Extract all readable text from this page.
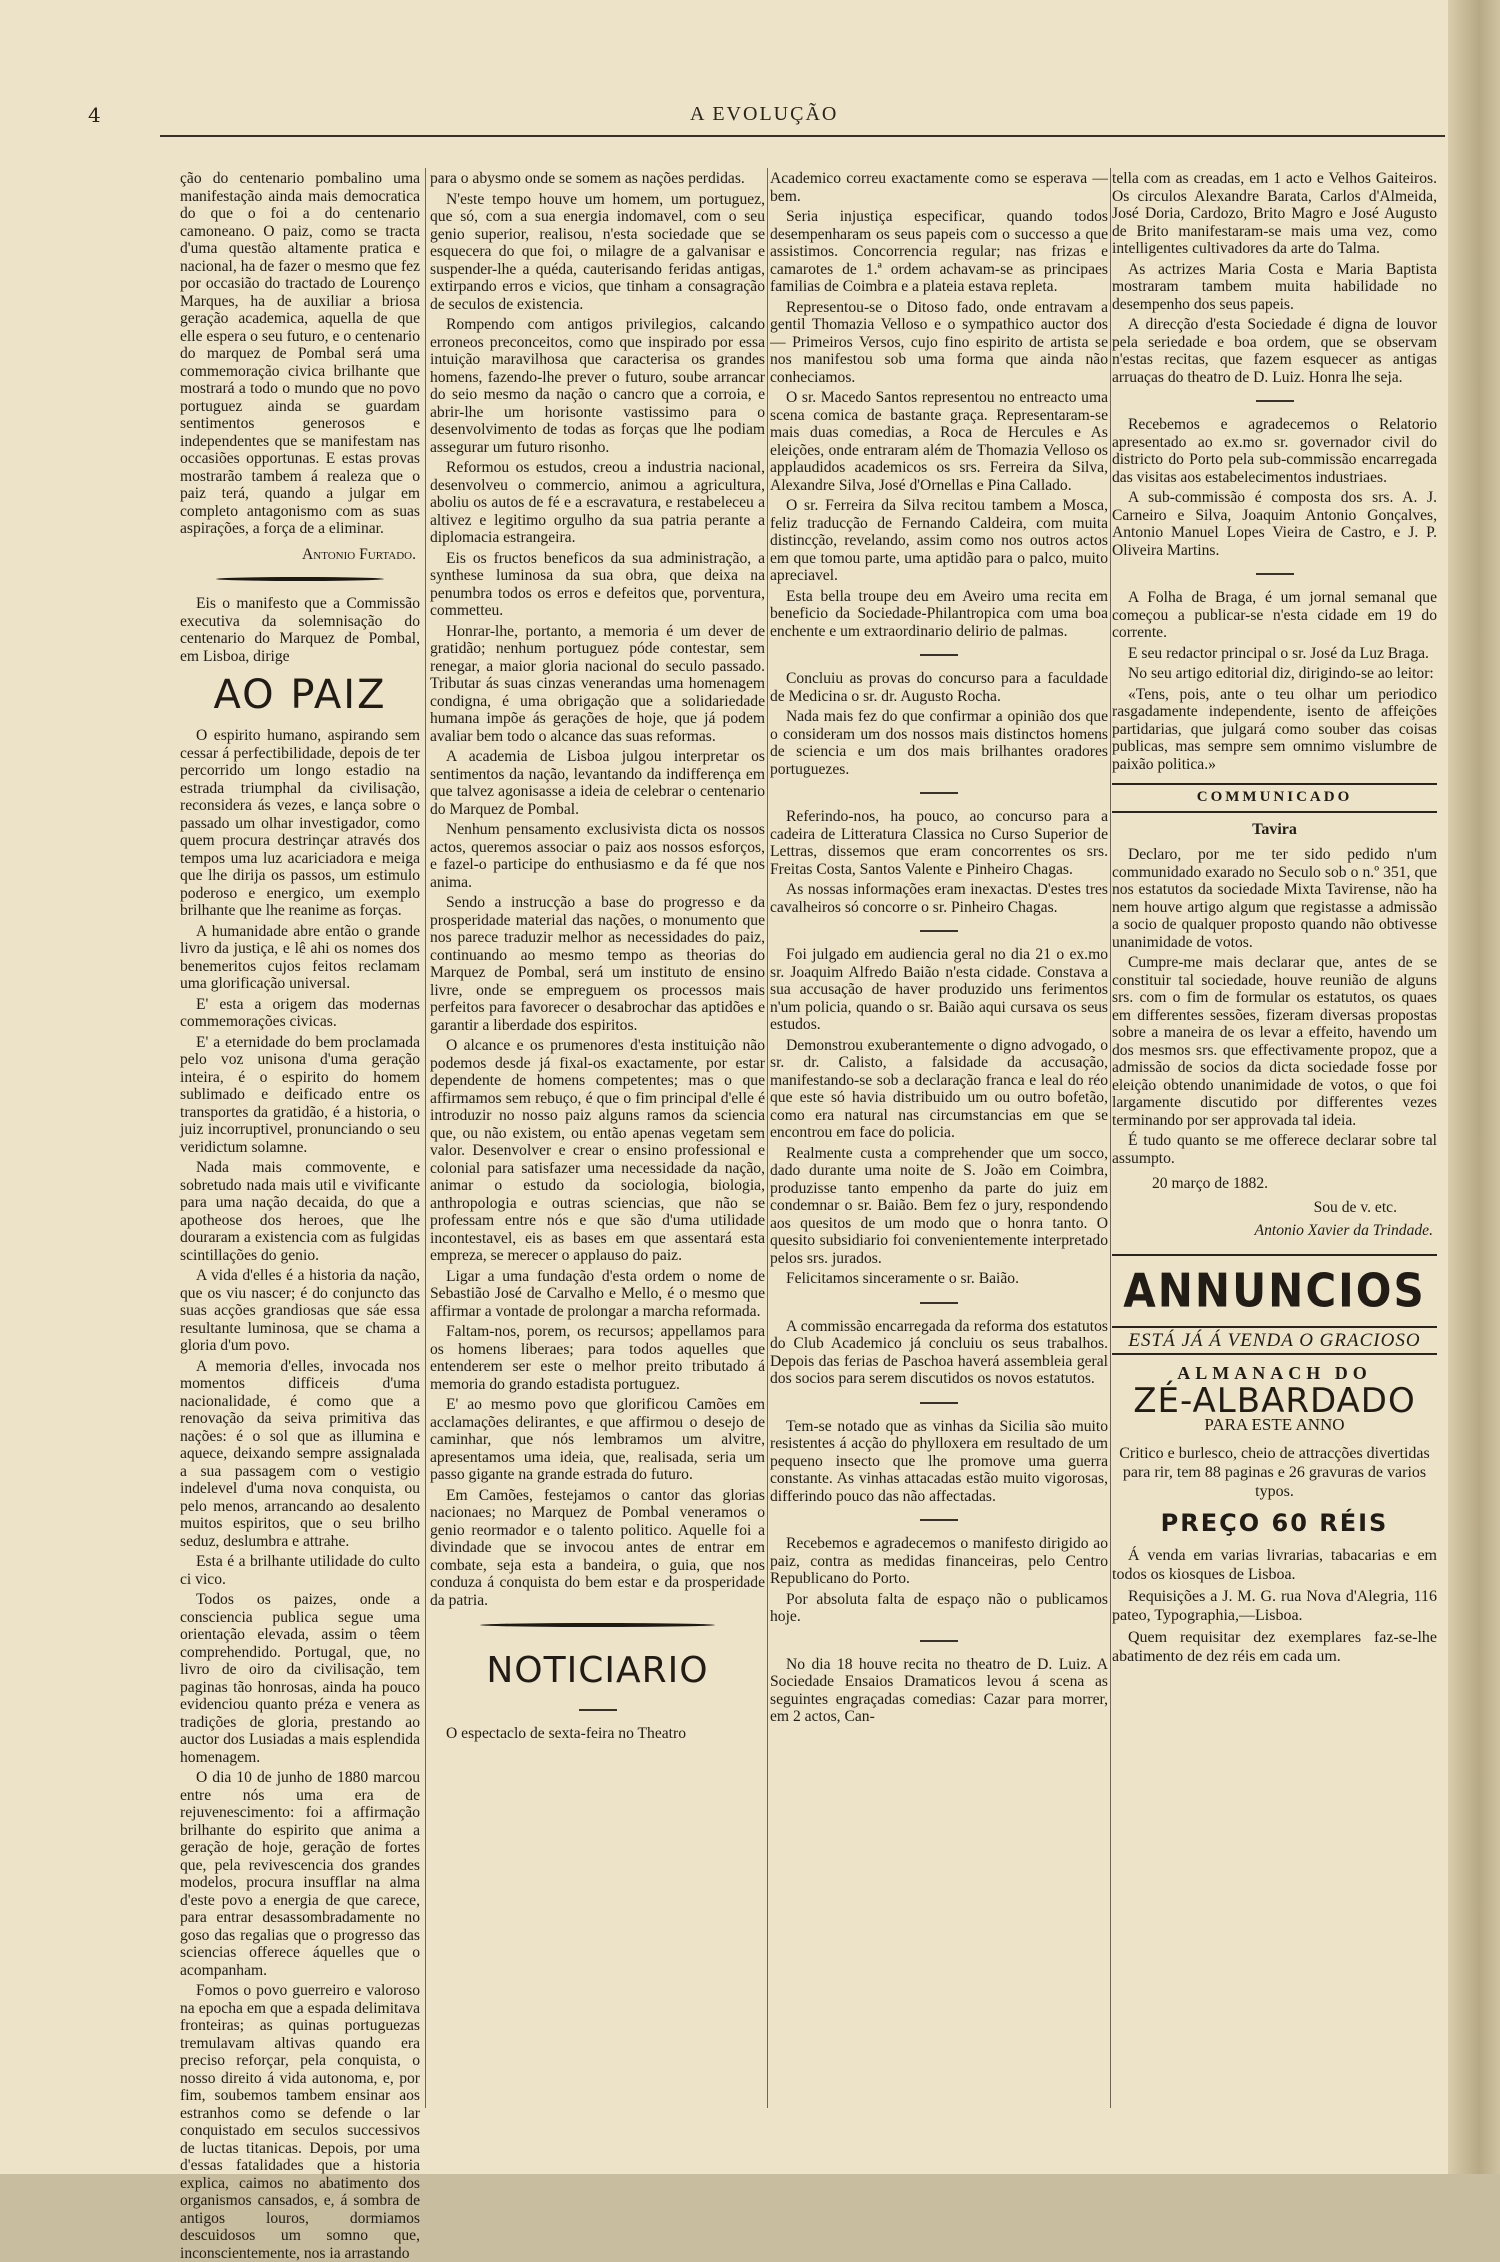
4	A EVOLUÇÃO

ção do centenario pombalino uma manifestação ainda mais democratica do que o foi a do centenario camoneano. O paiz, como se tracta d'uma questão altamente pratica e nacional, ha de fazer o mesmo que fez por occasião do tractado de Lourenço Marques, ha de auxiliar a briosa geração academica, aquella de que elle espera o seu futuro, e o centenario do marquez de Pombal será uma commemoração civica brilhante que mostrará a todo o mundo que no povo portuguez ainda se guardam sentimentos generosos e independentes que se manifestam nas occasiões opportunas. E estas provas mostrarão tambem á realeza que o paiz terá, quando a julgar em completo antagonismo com as suas aspirações, a força de a eliminar.

Antonio Furtado.

Eis o manifesto que a Commissão executiva da solemnisação do centenario do Marquez de Pombal, em Lisboa, dirige

AO PAIZ

O espirito humano, aspirando sem cessar á perfectibilidade, depois de ter percorrido um longo estadio na estrada triumphal da civilisação, reconsidera ás vezes, e lança sobre o passado um olhar investigador, como quem procura destrinçar através dos tempos uma luz acariciadora e meiga que lhe dirija os passos, um estimulo poderoso e energico, um exemplo brilhante que lhe reanime as forças.

A humanidade abre então o grande livro da justiça, e lê ahi os nomes dos benemeritos cujos feitos reclamam uma glorificação universal.

E' esta a origem das modernas commemorações civicas.

E' a eternidade do bem proclamada pelo voz unisona d'uma geração inteira, é o espirito do homem sublimado e deificado entre os transportes da gratidão, é a historia, o juiz incorruptivel, pronunciando o seu veridictum solamne.

Nada mais commovente, e sobretudo nada mais util e vivificante para uma nação decaida, do que a apotheose dos heroes, que lhe douraram a existencia com as fulgidas scintillações do genio.

A vida d'elles é a historia da nação, que os viu nascer; é do conjuncto das suas acções grandiosas que sáe essa resultante luminosa, que se chama a gloria d'um povo.

A memoria d'elles, invocada nos momentos difficeis d'uma nacionalidade, é como que a renovação da seiva primitiva das nações: é o sol que as illumina e aquece, deixando sempre assignalada a sua passagem com o vestigio indelevel d'uma nova conquista, ou pelo menos, arrancando ao desalento muitos espiritos, que o seu brilho seduz, deslumbra e attrahe.

Esta é a brilhante utilidade do culto ci vico.

Todos os paizes, onde a consciencia publica segue uma orientação elevada, assim o têem comprehendido. Portugal, que, no livro de oiro da civilisação, tem paginas tão honrosas, ainda ha pouco evidenciou quanto préza e venera as tradições de gloria, prestando ao auctor dos Lusiadas a mais esplendida homenagem.

O dia 10 de junho de 1880 marcou entre nós uma era de rejuvenescimento: foi a affirmação brilhante do espirito que anima a geração de hoje, geração de fortes que, pela revivescencia dos grandes modelos, procura insufflar na alma d'este povo a energia de que carece, para entrar desassombradamente no goso das regalias que o progresso das sciencias offerece áquelles que o acompanham.

Fomos o povo guerreiro e valoroso na epocha em que a espada delimitava fronteiras; as quinas portuguezas tremulavam altivas quando era preciso reforçar, pela conquista, o nosso direito á vida autonoma, e, por fim, soubemos tambem ensinar aos estranhos como se defende o lar conquistado em seculos successivos de luctas titanicas. Depois, por uma d'essas fatalidades que a historia explica, caimos no abatimento dos organismos cansados, e, á sombra de antigos louros, dormiamos descuidosos um somno que, inconscientemente, nos ia arrastando

para o abysmo onde se somem as nações perdidas.

N'este tempo houve um homem, um portuguez, que só, com a sua energia indomavel, com o seu genio superior, realisou, n'esta sociedade que se esquecera do que foi, o milagre de a galvanisar e suspender-lhe a quéda, cauterisando feridas antigas, extirpando erros e vicios, que tinham a consagração de seculos de existencia.

Rompendo com antigos privilegios, calcando erroneos preconceitos, como que inspirado por essa intuição maravilhosa que caracterisa os grandes homens, fazendo-lhe prever o futuro, soube arrancar do seio mesmo da nação o cancro que a corroia, e abrir-lhe um horisonte vastissimo para o desenvolvimento de todas as forças que lhe podiam assegurar um futuro risonho.

Reformou os estudos, creou a industria nacional, desenvolveu o commercio, animou a agricultura, aboliu os autos de fé e a escravatura, e restabeleceu a altivez e legitimo orgulho da sua patria perante a diplomacia estrangeira.

Eis os fructos beneficos da sua administração, a synthese luminosa da sua obra, que deixa na penumbra todos os erros e defeitos que, porventura, commetteu.

Honrar-lhe, portanto, a memoria é um dever de gratidão; nenhum portuguez póde contestar, sem renegar, a maior gloria nacional do seculo passado. Tributar ás suas cinzas venerandas uma homenagem condigna, é uma obrigação que a solidariedade humana impõe ás gerações de hoje, que já podem avaliar bem todo o alcance das suas reformas.

A academia de Lisboa julgou interpretar os sentimentos da nação, levantando da indifferença em que talvez agonisasse a ideia de celebrar o centenario do Marquez de Pombal.

Nenhum pensamento exclusivista dicta os nossos actos, queremos associar o paiz aos nossos esforços, e fazel-o participe do enthusiasmo e da fé que nos anima.

Sendo a instrucção a base do progresso e da prosperidade material das nações, o monumento que nos parece traduzir melhor as necessidades do paiz, continuando ao mesmo tempo as theorias do Marquez de Pombal, será um instituto de ensino livre, onde se empreguem os processos mais perfeitos para favorecer o desabrochar das aptidões e garantir a liberdade dos espiritos.

O alcance e os prumenores d'esta instituição não podemos desde já fixal-os exactamente, por estar dependente de homens competentes; mas o que affirmamos sem rebuço, é que o fim principal d'elle é introduzir no nosso paiz alguns ramos da sciencia que, ou não existem, ou então apenas vegetam sem valor. Desenvolver e crear o ensino professional e colonial para satisfazer uma necessidade da nação, animar o estudo da sociologia, biologia, anthropologia e outras sciencias, que não se professam entre nós e que são d'uma utilidade incontestavel, eis as bases em que assentará esta empreza, se merecer o applauso do paiz.

Ligar a uma fundação d'esta ordem o nome de Sebastião José de Carvalho e Mello, é o mesmo que affirmar a vontade de prolongar a marcha reformada.

Faltam-nos, porem, os recursos; appellamos para os homens liberaes; para todos aquelles que entenderem ser este o melhor preito tributado á memoria do grando estadista portuguez.

E' ao mesmo povo que glorificou Camões em acclamações delirantes, e que affirmou o desejo de caminhar, que nós lembramos um alvitre, apresentamos uma ideia, que, realisada, seria um passo gigante na grande estrada do futuro.

Em Camões, festejamos o cantor das glorias nacionaes; no Marquez de Pombal veneramos o genio reormador e o talento politico. Aquelle foi a divindade que se invocou antes de entrar em combate, seja esta a bandeira, o guia, que nos conduza á conquista do bem estar e da prosperidade da patria.

NOTICIARIO

O espectaclo de sexta-feira no Theatro

Academico correu exactamente como se esperava — bem.

Seria injustiça especificar, quando todos desempenharam os seus papeis com o successo a que assistimos. Concorrencia regular; nas frizas e camarotes de 1.ª ordem achavam-se as principaes familias de Coimbra e a plateia estava repleta.

Representou-se o Ditoso fado, onde entravam a gentil Thomazia Velloso e o sympathico auctor dos — Primeiros Versos, cujo fino espirito de artista se nos manifestou sob uma forma que ainda não conheciamos.

O sr. Macedo Santos representou no entreacto uma scena comica de bastante graça. Representaram-se mais duas comedias, a Roca de Hercules e As eleições, onde entraram além de Thomazia Velloso os applaudidos academicos os srs. Ferreira da Silva, Alexandre Silva, José d'Ornellas e Pina Callado.

O sr. Ferreira da Silva recitou tambem a Mosca, feliz traducção de Fernando Caldeira, com muita distincção, revelando, assim como nos outros actos em que tomou parte, uma aptidão para o palco, muito apreciavel.

Esta bella troupe deu em Aveiro uma recita em beneficio da Sociedade-Philantropica com uma boa enchente e um extraordinario delirio de palmas.

Concluiu as provas do concurso para a faculdade de Medicina o sr. dr. Augusto Rocha.

Nada mais fez do que confirmar a opinião dos que o consideram um dos nossos mais distinctos homens de sciencia e um dos mais brilhantes oradores portuguezes.

Referindo-nos, ha pouco, ao concurso para a cadeira de Litteratura Classica no Curso Superior de Lettras, dissemos que eram concorrentes os srs. Freitas Costa, Santos Valente e Pinheiro Chagas.

As nossas informações eram inexactas. D'estes tres cavalheiros só concorre o sr. Pinheiro Chagas.

Foi julgado em audiencia geral no dia 21 o ex.mo sr. Joaquim Alfredo Baião n'esta cidade. Constava a sua accusação de haver produzido uns ferimentos n'um policia, quando o sr. Baião aqui cursava os seus estudos.

Demonstrou exuberantemente o digno advogado, o sr. dr. Calisto, a falsidade da accusação, manifestando-se sob a declaração franca e leal do réo que este só havia distribuido um ou outro bofetão, como era natural nas circumstancias em que se encontrou em face do policia.

Realmente custa a comprehender que um socco, dado durante uma noite de S. João em Coimbra, produzisse tanto empenho da parte do juiz em condemnar o sr. Baião. Bem fez o jury, respondendo aos quesitos de um modo que o honra tanto. O quesito subsidiario foi convenientemente interpretado pelos srs. jurados.

Felicitamos sinceramente o sr. Baião.

A commissão encarregada da reforma dos estatutos do Club Academico já concluiu os seus trabalhos. Depois das ferias de Paschoa haverá assembleia geral dos socios para serem discutidos os novos estatutos.

Tem-se notado que as vinhas da Sicilia são muito resistentes á acção do phylloxera em resultado de um pequeno insecto que lhe promove uma guerra constante. As vinhas attacadas estão muito vigorosas, differindo pouco das não affectadas.

Recebemos e agradecemos o manifesto dirigido ao paiz, contra as medidas financeiras, pelo Centro Republicano do Porto.

Por absoluta falta de espaço não o publicamos hoje.

No dia 18 houve recita no theatro de D. Luiz. A Sociedade Ensaios Dramaticos levou á scena as seguintes engraçadas comedias: Cazar para morrer, em 2 actos, Can-

tella com as creadas, em 1 acto e Velhos Gaiteiros. Os circulos Alexandre Barata, Carlos d'Almeida, José Doria, Cardozo, Brito Magro e José Augusto de Brito manifestaram-se mais uma vez, como intelligentes cultivadores da arte do Talma.

As actrizes Maria Costa e Maria Baptista mostraram tambem muita habilidade no desempenho dos seus papeis.

A direcção d'esta Sociedade é digna de louvor pela seriedade e boa ordem, que se observam n'estas recitas, que fazem esquecer as antigas arruaças do theatro de D. Luiz. Honra lhe seja.

Recebemos e agradecemos o Relatorio apresentado ao ex.mo sr. governador civil do districto do Porto pela sub-commissão encarregada das visitas aos estabelecimentos industriaes.

A sub-commissão é composta dos srs. A. J. Carneiro e Silva, Joaquim Antonio Gonçalves, Antonio Manuel Lopes Vieira de Castro, e J. P. Oliveira Martins.

A Folha de Braga, é um jornal semanal que começou a publicar-se n'esta cidade em 19 do corrente.

E seu redactor principal o sr. José da Luz Braga.

No seu artigo editorial diz, dirigindo-se ao leitor:

«Tens, pois, ante o teu olhar um periodico rasgadamente independente, isento de affeições partidarias, que julgará como souber das coisas publicas, mas sempre sem omnimo vislumbre de paixão politica.»

COMMUNICADO
Tavira

Declaro, por me ter sido pedido n'um communidado exarado no Seculo sob o n.º 351, que nos estatutos da sociedade Mixta Tavirense, não ha nem houve artigo algum que registasse a admissão a socio de qualquer proposto quando não obtivesse unanimidade de votos.

Cumpre-me mais declarar que, antes de se constituir tal sociedade, houve reunião de alguns srs. com o fim de formular os estatutos, os quaes em differentes sessões, fizeram diversas propostas sobre a maneira de os levar a effeito, havendo um dos mesmos srs. que effectivamente propoz, que a admissão de socios da dicta sociedade fosse por eleição obtendo unanimidade de votos, o que foi largamente discutido por differentes vezes terminando por ser approvada tal ideia.

É tudo quanto se me offerece declarar sobre tal assumpto.

20 março de 1882.

Sou de v. etc.

Antonio Xavier da Trindade.

ANNUNCIOS
ESTÁ JÁ Á VENDA O GRACIOSO
ALMANACH DO
ZÉ-ALBARDADO
PARA ESTE ANNO

Critico e burlesco, cheio de attracções divertidas para rir, tem 88 paginas e 26 gravuras de varios typos.

PREÇO 60 RÉIS

Á venda em varias livrarias, tabacarias e em todos os kiosques de Lisboa.

Requisições a J. M. G. rua Nova d'Alegria, 116 pateo, Typographia,—Lisboa.

Quem requisitar dez exemplares faz-se-lhe abatimento de dez réis em cada um.
